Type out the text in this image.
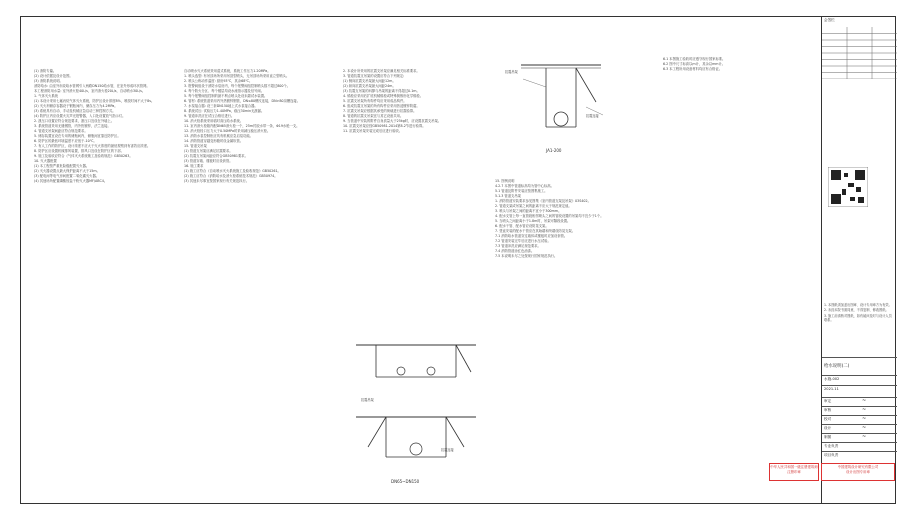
(1) 消防专篇。

(2) 设计依据及设计范围。

(3) 消防系统说明。

消防给水: 由室外市政给水管网引入两路DN150给水管，在室外形成环状管网。

本工程消防用水量: 室外消火栓40L/s，室内消火栓20L/s，自动喷水30L/s。

1. 气体灭火系统

(1) 本设计采用七氟丙烷气体灭火系统，防护区设计浓度8%，喷放时间不大于8s。

(2) 灭火剂储存容器设于钢瓶间内，储存压力为4.2MPa。

(3) 系统具有自动、手动及机械应急启动三种控制方式。

(4) 防护区内应设置火灾声光报警器，入口处设置放气指示灯。

2. 泄压口设置应符合规范要求，泄压口宜设在外墙上。

3. 系统管道采用无缝钢管，内外热镀锌，法兰连接。

4. 管道支吊架间距应符合规范要求。

5. 储存装置宜设在专用的储瓶间内，储瓶间宜靠近防护区。

6. 防护区的最低环境温度不应低于-10℃。

7. 有人工作的防护区，设计浓度不应大于灭火浓度的最低观察到有害效应浓度。

8. 防护区应设置机械排风装置，排风口宜设在防护区的下部。

9. 施工及验收应符合《气体灭火系统施工及验收规范》GB50263。

10. 灭火器配置

(1) 本工程按严重危险级配置灭火器。

(2) 灭火器设置点最大保护距离不大于15m。

(3) 配电间等电气房间配置二氧化碳灭火器。

(4) 其他场所配置磷酸铵盐干粉灭火器MF/ABC4。

自动喷水灭火系统采用湿式系统，系统工作压力1.20MPa。

1. 喷头选型: 有吊顶场所采用吊顶型喷头，无吊顶场所采用直立型喷头。

2. 喷头公称动作温度: 厨房93℃，其余68℃。

3. 报警阀组设于消防水泵房内，每个报警阀组控制喷头数不超过800个。

4. 每个防火分区、每个楼层均设水流指示器及信号阀。

5. 每个报警阀组控制的最不利点喷头处设末端试水装置。

6. 管材: 系统管道采用内外热镀锌钢管，DN≤80螺纹连接，DN>80沟槽连接。

7. 水泵接合器: 设三套DN150地上式水泵接合器。

8. 系统试压: 试验压力1.40MPa，稳压30min无泄漏。

9. 管道冲洗应在试压合格后进行。

10. 消火栓系统采用临时高压给水系统。

11. 室内消火栓箱内配DN65消火栓一个，25m衬胶水带一条，Φ19水枪一支。

12. 消火栓栓口压力大于0.50MPa时采用减压稳压消火栓。

13. 消防水泵控制柜应具有机械应急启泵功能。

14. 消防管道穿越变形缝时设金属软管。

15. 管道支吊架

(1) 管道支吊架应满足抗震要求。

(2) 抗震支吊架间距应符合GB50981要求。

(3) 管道穿墙、楼板时应设套管。

16. 施工要求

(1) 施工应符合《自动喷水灭火系统施工及验收规范》GB50261。

(2) 施工应符合《消防给水及消火栓系统技术规范》GB50974。

(3) 其他未尽事宜按国家现行有关规范执行。

2. 本设计所采用的抗震支吊架应满足相关标准要求。

3. 管道抗震支吊架的设置应符合下列规定:

(1) 侧向抗震支吊架最大间距12m。

(2) 纵向抗震支吊架最大间距24m。

(3) 抗震支吊架的斜撑与吊架的距离不得超过0.1m。

4. 锚栓应采用后扩底机械锚栓或特殊倒锥形化学锚栓。

5. 抗震支吊架所有构件均应采用成品构件。

6. 组成抗震支吊架的所有构件应采用热浸镀锌防腐。

7. 抗震支吊架应根据其承受的荷载进行抗震验算。

8. 管道的抗震支吊架宜与其它设备共用。

9. 当管道中安装的附件自身质量大于25kg时，应设置抗震支吊架。

10. 抗震支吊架应按GB50981-2014第8.2节进行验算。

11. 抗震支吊架安装完成后应进行验收。

15. 图例说明

4.2.7 本图中管道标高均为管中心标高。

5.1 管道及附件安装应按图集施工。

5.1.3 管道支吊架

1. 消防管道安装要求参见图集《室内管道支架及吊架》03S402。

2. 管道支架或吊架之间的距离不应大于规范规定值。

3. 喷头与吊架之间的距离不宜小于300mm。

4. 配水支管上每一直管段相邻喷头之间的管段设置的吊架均不宜少于1个。

5. 当喷头之间距离小于1.8m时，吊架可隔段设置。

6. 配水干管、配水管应设防晃支架。

7. 竖直安装的配水干管应在其始端和终端设防晃支架。

7.1 消防给水管道穿过墙体或楼板时应加设套管。

7.2 管道安装完毕后应进行水压试验。

7.3 管道冲洗应满足规范要求。

7.4 消防管道涂红色油漆。

7.5 本说明未尽之处按现行国家规范执行。

6.1 本图施工验收时应遵守现行国家标准。

6.2 图中尺寸标高以m计，其余以mm计。

6.3 本工程所用设备材料均应有合格证。

JA1-200
抗震吊架
抗震连接
DN65~DN150
抗震吊架
抗震连接
会签栏

1. 本图纸须加盖出图章、设计专用章方为有效。

2. 未经本院书面同意，不得复制、修改图纸。

3. 施工前请核对图纸，如有疑问及时与设计人员联系。

给水说明(二)
水施-002
2021.11
审定	~
审核	~
校对	~
设计	~
制图	~
专业负责
项目负责
中华人民共和国一级注册建筑师
注册印章
中国建筑设计研究有限公司
设计出图专用章
